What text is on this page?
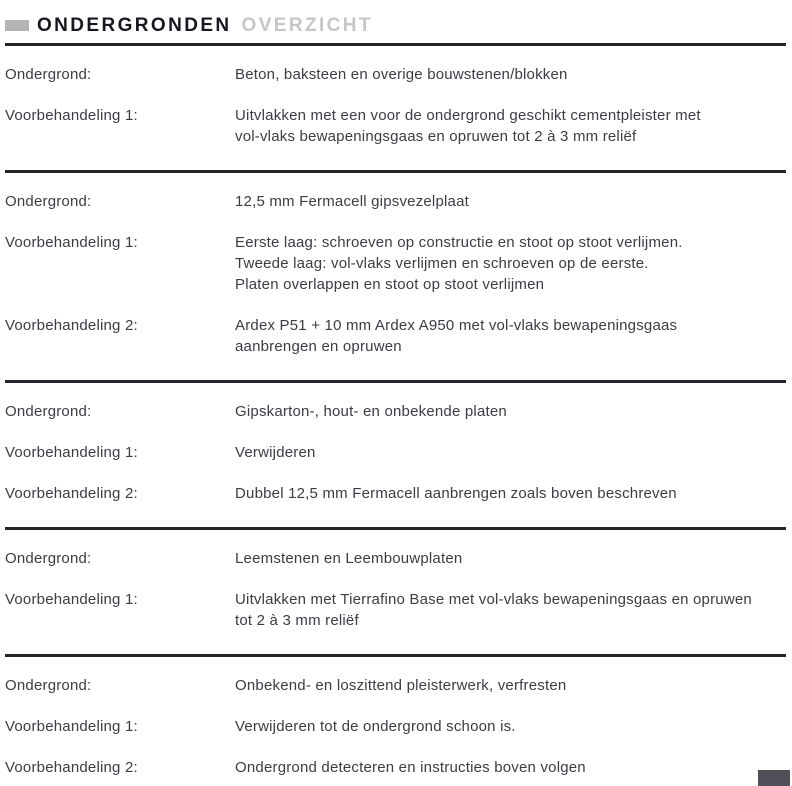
ONDERGRONDEN OVERZICHT
Ondergrond:	Beton, baksteen en overige bouwstenen/blokken
Voorbehandeling 1:	Uitvlakken met een voor de ondergrond geschikt cementpleister met
vol-vlaks bewapeningsgaas en opruwen tot 2 à 3 mm reliëf
Ondergrond:	12,5 mm Fermacell gipsvezelplaat
Voorbehandeling 1:	Eerste laag: schroeven op constructie en stoot op stoot verlijmen.
Tweede laag: vol-vlaks verlijmen en schroeven op de eerste.
Platen overlappen en stoot op stoot verlijmen
Voorbehandeling 2:	Ardex P51 + 10 mm Ardex A950 met vol-vlaks bewapeningsgaas
aanbrengen en opruwen
Ondergrond:	Gipskarton-, hout- en onbekende platen
Voorbehandeling 1:	Verwijderen
Voorbehandeling 2:	Dubbel 12,5 mm Fermacell aanbrengen zoals boven beschreven
Ondergrond:	Leemstenen en Leembouwplaten
Voorbehandeling 1:	Uitvlakken met Tierrafino Base met vol-vlaks bewapeningsgaas en opruwen
tot 2 à 3 mm reliëf
Ondergrond:	Onbekend- en loszittend pleisterwerk, verfresten
Voorbehandeling 1:	Verwijderen tot de ondergrond schoon is.
Voorbehandeling 2:	Ondergrond detecteren en instructies boven volgen
